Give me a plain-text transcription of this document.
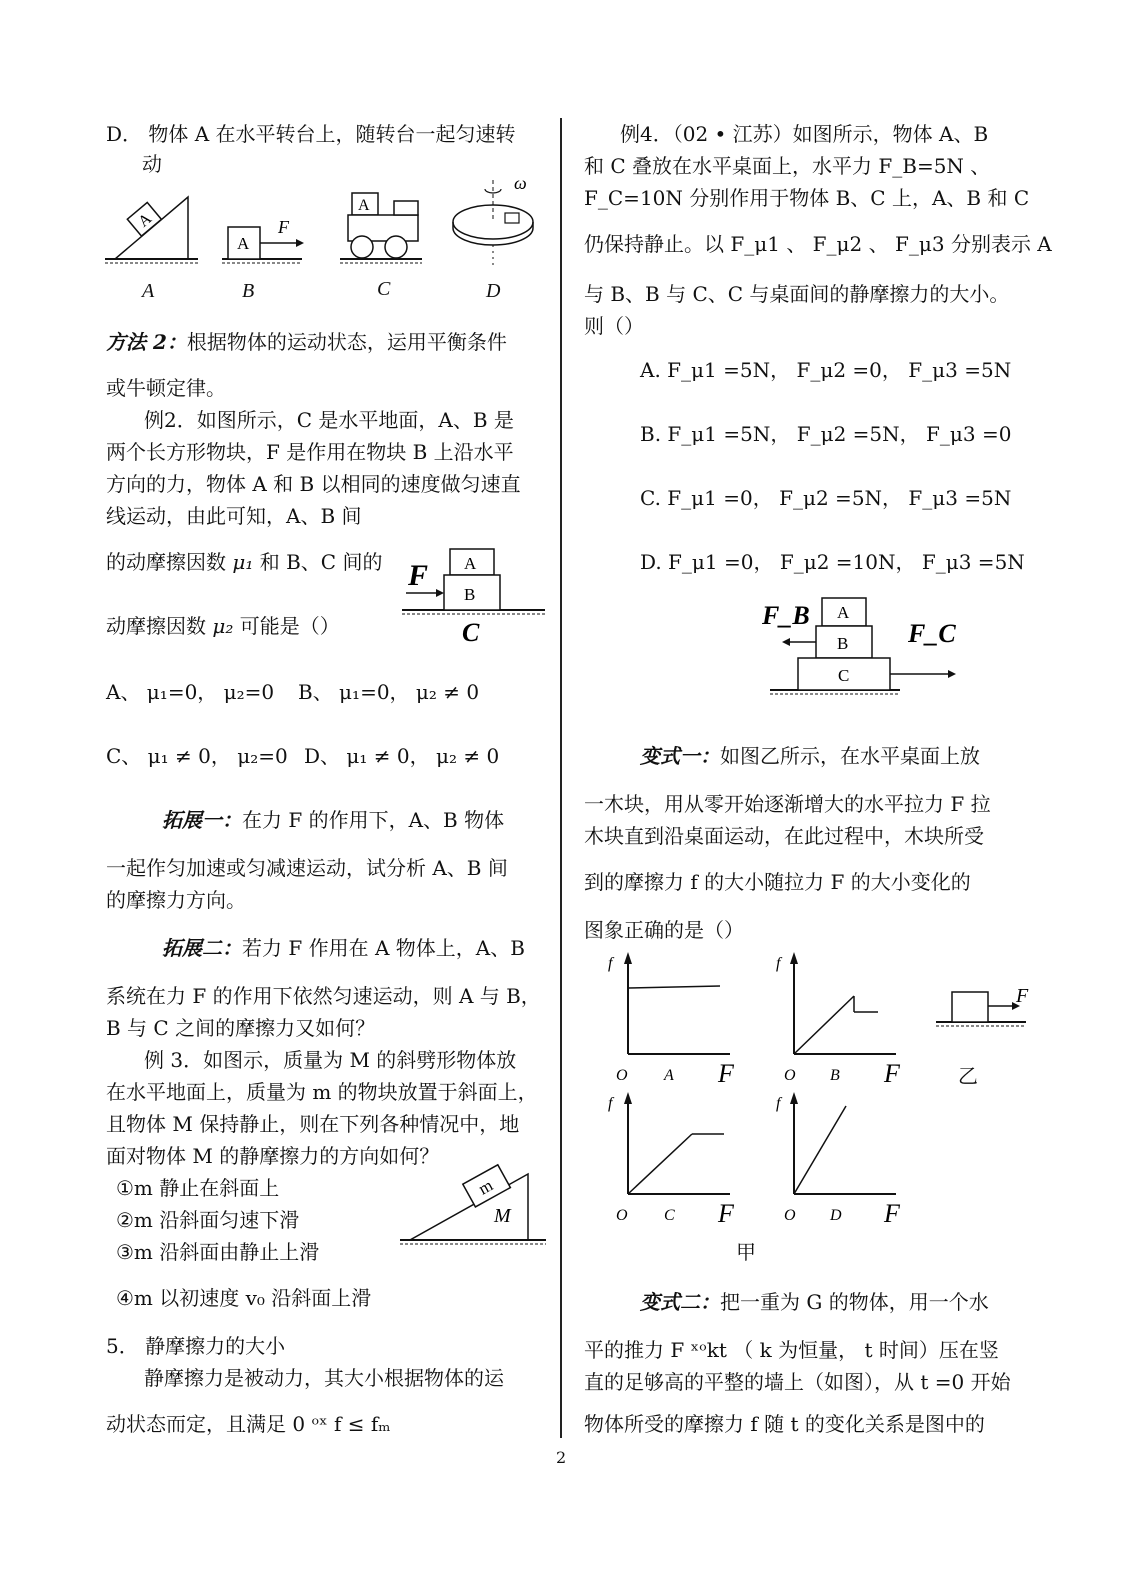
D． 物体 A 在水平转台上，随转台一起匀速转

动

A
A
F
A
ω
A	B	C	D

方法 2：根据物体的运动状态，运用平衡条件

或牛顿定律。

例2．如图所示，C 是水平地面，A、B 是

两个长方形物块，F 是作用在物块 B 上沿水平

方向的力，物体 A 和 B 以相同的速度做匀速直

线运动，由此可知，A、B 间

的动摩擦因数 μ₁ 和 B、C 间的

动摩擦因数 μ₂ 可能是（）

A
B
F
C

A、 μ₁=0， μ₂=0 B、 μ₁=0， μ₂ ≠ 0

C、 μ₁ ≠ 0， μ₂=0 D、 μ₁ ≠ 0， μ₂ ≠ 0

拓展一：在力 F 的作用下，A、B 物体

一起作匀加速或匀减速运动，试分析 A、B 间

的摩擦力方向。

拓展二：若力 F 作用在 A 物体上，A、B

系统在力 F 的作用下依然匀速运动，则 A 与 B，

B 与 C 之间的摩擦力又如何？

例 3．如图示，质量为 M 的斜劈形物体放

在水平地面上，质量为 m 的物块放置于斜面上，

且物体 M 保持静止，则在下列各种情况中，地

面对物体 M 的静摩擦力的方向如何？

①m 静止在斜面上

②m 沿斜面匀速下滑

③m 沿斜面由静止上滑

④m 以初速度 v₀ 沿斜面上滑

m
M

5． 静摩擦力的大小

静摩擦力是被动力，其大小根据物体的运

动状态而定，且满足 0 ᵒˣ f ≤ fₘ

例4．（02 • 江苏）如图所示，物体 A、B

和 C 叠放在水平桌面上，水平力 F_B=5N 、

F_C=10N 分别作用于物体 B、C 上，A、B 和 C

仍保持静止。以 F_μ1 、 F_μ2 、 F_μ3 分别表示 A

与 B、B 与 C、C 与桌面间的静摩擦力的大小。

则（）

A. F_μ1 =5N， F_μ2 =0， F_μ3 =5N

B. F_μ1 =5N， F_μ2 =5N， F_μ3 =0

C. F_μ1 =0， F_μ2 =5N， F_μ3 =5N

D. F_μ1 =0， F_μ2 =10N， F_μ3 =5N

A
B
C
F_B
F_C

变式一：如图乙所示，在水平桌面上放

一木块，用从零开始逐渐增大的水平拉力 F 拉

木块直到沿桌面运动，在此过程中，木块所受

到的摩擦力 f 的大小随拉力 F 的大小变化的

图象正确的是（）

f
O A F
f
O B F
F
乙
f
O C F
f
O D F
甲

变式二：把一重为 G 的物体，用一个水

平的推力 F ˣᵒkt （ k 为恒量， t 时间）压在竖

直的足够高的平整的墙上（如图），从 t =0 开始

物体所受的摩擦力 f 随 t 的变化关系是图中的

2
